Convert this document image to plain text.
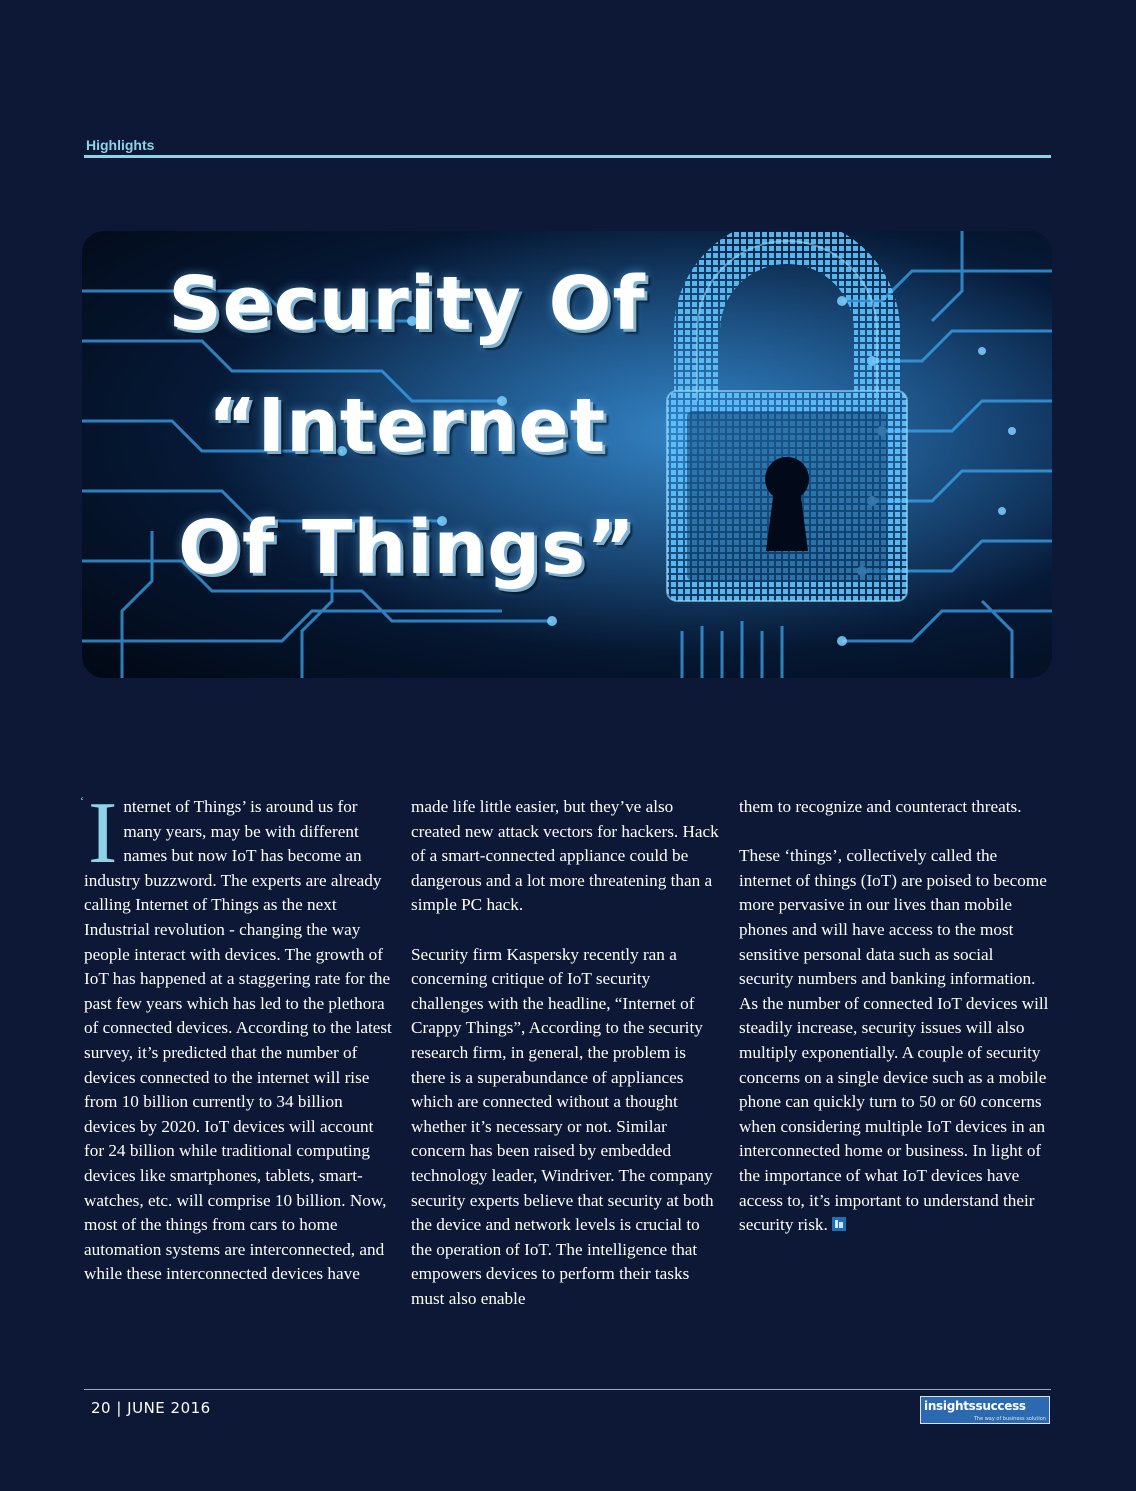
Highlights
Security Of
“Internet
Of Things”
‘ Internet of Things’ is around us for many years, may be with different names but now IoT has become an industry buzzword. The experts are already calling Internet of Things as the next Industrial revolution - changing the way people interact with devices. The growth of IoT has happened at a staggering rate for the past few years which has led to the plethora of connected devices. According to the latest survey, it’s predicted that the number of devices connected to the internet will rise from 10 billion currently to 34 billion devices by 2020. IoT devices will account for 24 billion while traditional computing devices like smartphones, tablets, smart-watches, etc. will comprise 10 billion. Now, most of the things from cars to home automation systems are interconnected, and while these interconnected devices have

made life little easier, but they’ve also created new attack vectors for hackers. Hack of a smart-connected appliance could be dangerous and a lot more threatening than a simple PC hack.

Security firm Kaspersky recently ran a concerning critique of IoT security challenges with the headline, “Internet of Crappy Things”, According to the security research firm, in general, the problem is there is a superabundance of appliances which are connected without a thought whether it’s necessary or not. Similar concern has been raised by embedded technology leader, Windriver. The company security experts believe that security at both the device and network levels is crucial to the operation of IoT. The intelligence that empowers devices to perform their tasks must also enable

them to recognize and counteract threats.

These ‘things’, collectively called the internet of things (IoT) are poised to become more pervasive in our lives than mobile phones and will have access to the most sensitive personal data such as social security numbers and banking information. As the number of connected IoT devices will steadily increase, security issues will also multiply exponentially. A couple of security concerns on a single device such as a mobile phone can quickly turn to 50 or 60 concerns when considering multiple IoT devices in an interconnected home or business. In light of the importance of what IoT devices have access to, it’s important to understand their security risk.

20 | JUNE 2016	insightssuccess
The way of business solution
